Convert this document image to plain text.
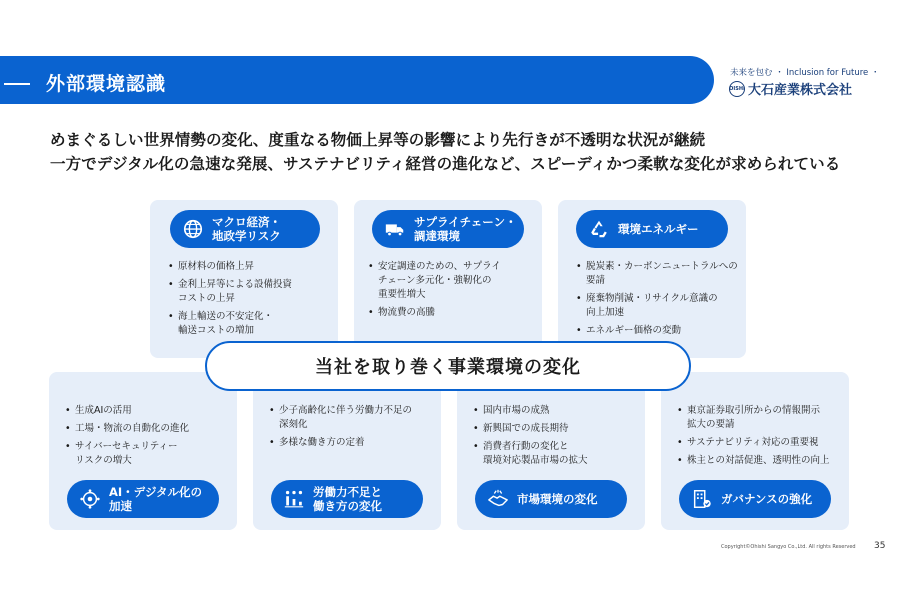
外部環境認識	未来を包む ・ Inclusion for Future ・
OISHI 大石産業株式会社
めまぐるしい世界情勢の変化、度重なる物価上昇等の影響により先行きが不透明な状況が継続
一方でデジタル化の急速な発展、サステナビリティ経営の進化など、スピーディかつ柔軟な変化が求められている
マクロ経済・
地政学リスク
• 原材料の価格上昇
• 金利上昇等による設備投資
コストの上昇
• 海上輸送の不安定化・
輸送コストの増加
サプライチェーン・
調達環境
• 安定調達のための、サプライ
チェーン多元化・強靭化の
重要性増大
• 物流費の高騰
環境エネルギー
• 脱炭素・カーボンニュートラルへの
要請
• 廃棄物削減・リサイクル意識の
向上加速
• エネルギー価格の変動
• 生成AIの活用
• 工場・物流の自動化の進化
• サイバーセキュリティー
リスクの増大
AI・デジタル化の
加速
• 少子高齢化に伴う労働力不足の
深刻化
• 多様な働き方の定着
労働力不足と
働き方の変化
• 国内市場の成熟
• 新興国での成長期待
• 消費者行動の変化と
環境対応製品市場の拡大
市場環境の変化
• 東京証券取引所からの情報開示
拡大の要請
• サステナビリティ対応の重要視
• 株主との対話促進、透明性の向上
ガバナンスの強化
当社を取り巻く事業環境の変化
Copyright©Ohishi Sangyo Co.,Ltd. All rights Reserved 35
